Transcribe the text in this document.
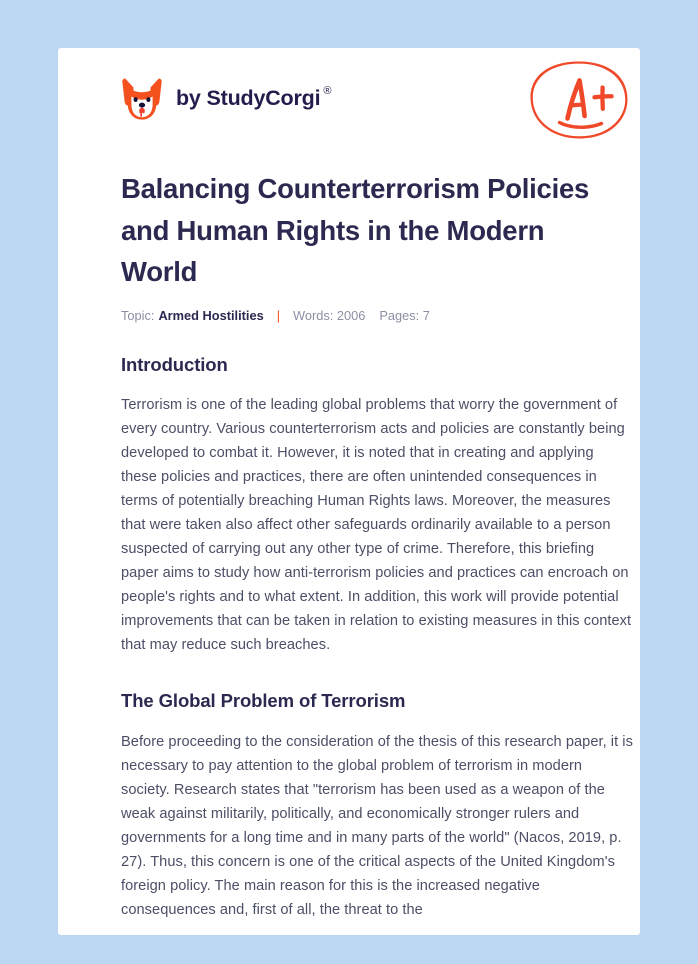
by
StudyCorgi ®
Balancing Counterterrorism Policies and Human Rights in the Modern World
Topic: Armed Hostilities | Words: 2006 Pages: 7
Introduction

Terrorism is one of the leading global problems that worry the government of every country. Various counterterrorism acts and policies are constantly being developed to combat it. However, it is noted that in creating and applying these policies and practices, there are often unintended consequences in terms of potentially breaching Human Rights laws. Moreover, the measures that were taken also affect other safeguards ordinarily available to a person suspected of carrying out any other type of crime. Therefore, this briefing paper aims to study how anti-terrorism policies and practices can encroach on people's rights and to what extent. In addition, this work will provide potential improvements that can be taken in relation to existing measures in this context that may reduce such breaches.

The Global Problem of Terrorism

Before proceeding to the consideration of the thesis of this research paper, it is necessary to pay attention to the global problem of terrorism in modern society. Research states that "terrorism has been used as a weapon of the weak against militarily, politically, and economically stronger rulers and governments for a long time and in many parts of the world" (Nacos, 2019, p. 27). Thus, this concern is one of the critical aspects of the United Kingdom's foreign policy. The main reason for this is the increased negative consequences and, first of all, the threat to the
